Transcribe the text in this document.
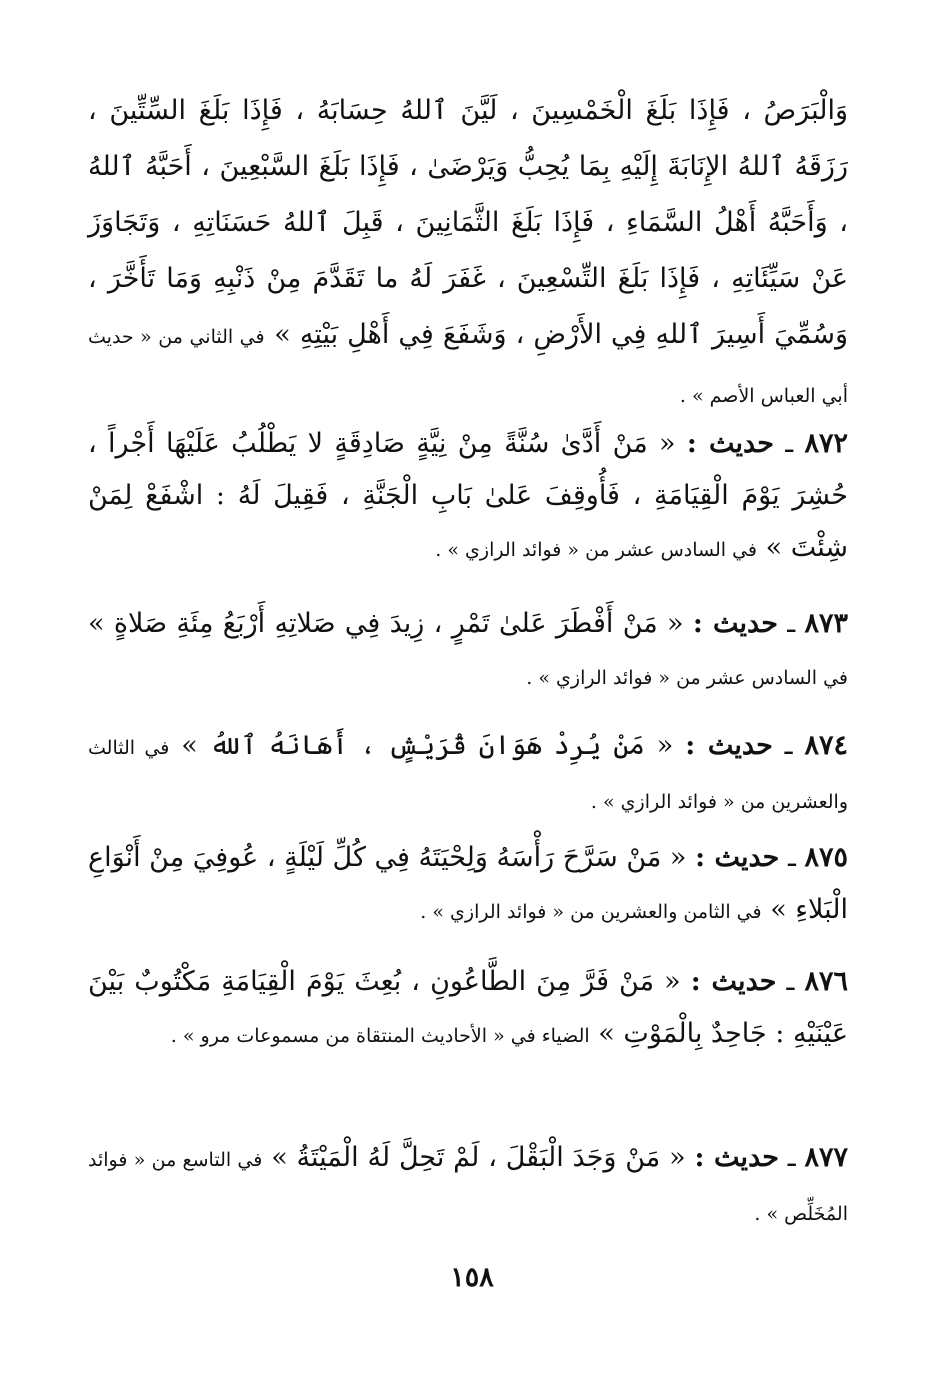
وَالْبَرَصُ ، فَإِذَا بَلَغَ الْخَمْسِينَ ، لَيَّنَ ٱللهُ حِسَابَهُ ، فَإِذَا بَلَغَ السِّتِّينَ ، رَزَقَهُ ٱللهُ الإِنَابَةَ إِلَيْهِ بِمَا يُحِبُّ وَيَرْضَىٰ ، فَإِذَا بَلَغَ السَّبْعِينَ ، أَحَبَّهُ ٱللهُ ، وَأَحَبَّهُ أَهْلُ السَّمَاءِ ، فَإِذَا بَلَغَ الثَّمَانِينَ ، قَبِلَ ٱللهُ حَسَنَاتِهِ ، وَتَجَاوَزَ عَنْ سَيِّئَاتِهِ ، فَإِذَا بَلَغَ التِّسْعِينَ ، غَفَرَ لَهُ ما تَقَدَّمَ مِنْ ذَنْبِهِ وَمَا تَأَخَّرَ ، وَسُمِّيَ أَسِيرَ ٱللهِ فِي الأَرْضِ ، وَشَفَعَ فِي أَهْلِ بَيْتِهِ » في الثاني من « حديث أبي العباس الأصم » .
٨٧٢ ـ حديث : « مَنْ أَدَّىٰ سُنَّةً مِنْ نِيَّةٍ صَادِقَةٍ لا يَطْلُبُ عَلَيْهَا أَجْراً ، حُشِرَ يَوْمَ الْقِيَامَةِ ، فَأُوقِفَ عَلىٰ بَابِ الْجَنَّةِ ، فَقِيلَ لَهُ : اشْفَعْ لِمَنْ شِئْتَ » في السادس عشر من « فوائد الرازي » .
٨٧٣ ـ حديث : « مَنْ أَفْطَرَ عَلىٰ تَمْرٍ ، زِيدَ فِي صَلاتِهِ أَرْبَعُ مِئَةِ صَلاةٍ » في السادس عشر من « فوائد الرازي » .
٨٧٤ ـ حديث : « مَنْ يُرِدْ هَوَانَ قُرَيْشٍ ، أَهَانَهُ ٱللهُ » في الثالث والعشرين من « فوائد الرازي » .
٨٧٥ ـ حديث : « مَنْ سَرَّحَ رَأْسَهُ وَلِحْيَتَهُ فِي كُلِّ لَيْلَةٍ ، عُوفِيَ مِنْ أَنْوَاعِ الْبَلاءِ » في الثامن والعشرين من « فوائد الرازي » .
٨٧٦ ـ حديث : « مَنْ فَرَّ مِنَ الطَّاعُونِ ، بُعِثَ يَوْمَ الْقِيَامَةِ مَكْتُوبٌ بَيْنَ عَيْنَيْهِ : جَاحِدٌ بِالْمَوْتِ » الضياء في « الأحاديث المنتقاة من مسموعات مرو » .
٨٧٧ ـ حديث : « مَنْ وَجَدَ الْبَقْلَ ، لَمْ تَحِلَّ لَهُ الْمَيْتَةُ » في التاسع من « فوائد المُخَلِّص » .
١٥٨
